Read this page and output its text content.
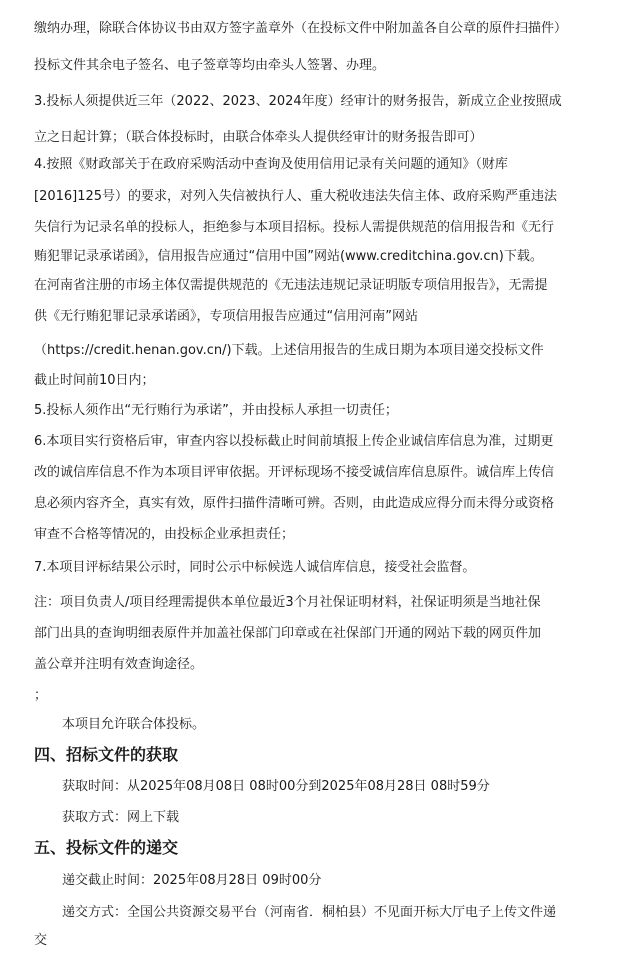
缴纳办理，除联合体协议书由双方签字盖章外（在投标文件中附加盖各自公章的原件扫描件）
投标文件其余电子签名、电子签章等均由牵头人签署、办理。
3.投标人须提供近三年（2022、2023、2024年度）经审计的财务报告，新成立企业按照成
立之日起计算；（联合体投标时，由联合体牵头人提供经审计的财务报告即可）
4.按照《财政部关于在政府采购活动中查询及使用信用记录有关问题的通知》（财库
[2016]125号）的要求，对列入失信被执行人、重大税收违法失信主体、政府采购严重违法
失信行为记录名单的投标人，拒绝参与本项目招标。投标人需提供规范的信用报告和《无行
贿犯罪记录承诺函》，信用报告应通过“信用中国”网站(www.creditchina.gov.cn)下载。
在河南省注册的市场主体仅需提供规范的《无违法违规记录证明版专项信用报告》，无需提
供《无行贿犯罪记录承诺函》，专项信用报告应通过“信用河南”网站
（https://credit.henan.gov.cn/)下载。上述信用报告的生成日期为本项目递交投标文件
截止时间前10日内；
5.投标人须作出“无行贿行为承诺”，并由投标人承担一切责任；
6.本项目实行资格后审，审查内容以投标截止时间前填报上传企业诚信库信息为准，过期更
改的诚信库信息不作为本项目评审依据。开评标现场不接受诚信库信息原件。诚信库上传信
息必须内容齐全，真实有效，原件扫描件清晰可辨。否则，由此造成应得分而未得分或资格
审查不合格等情况的，由投标企业承担责任；
7.本项目评标结果公示时，同时公示中标候选人诚信库信息，接受社会监督。
注：项目负责人/项目经理需提供本单位最近3个月社保证明材料，社保证明须是当地社保
部门出具的查询明细表原件并加盖社保部门印章或在社保部门开通的网站下载的网页件加
盖公章并注明有效查询途径。
；
本项目允许联合体投标。
四、招标文件的获取
获取时间：从2025年08月08日 08时00分到2025年08月28日 08时59分
获取方式：网上下载
五、投标文件的递交
递交截止时间：2025年08月28日 09时00分
递交方式：全国公共资源交易平台（河南省．桐柏县）不见面开标大厅电子上传文件递
交
